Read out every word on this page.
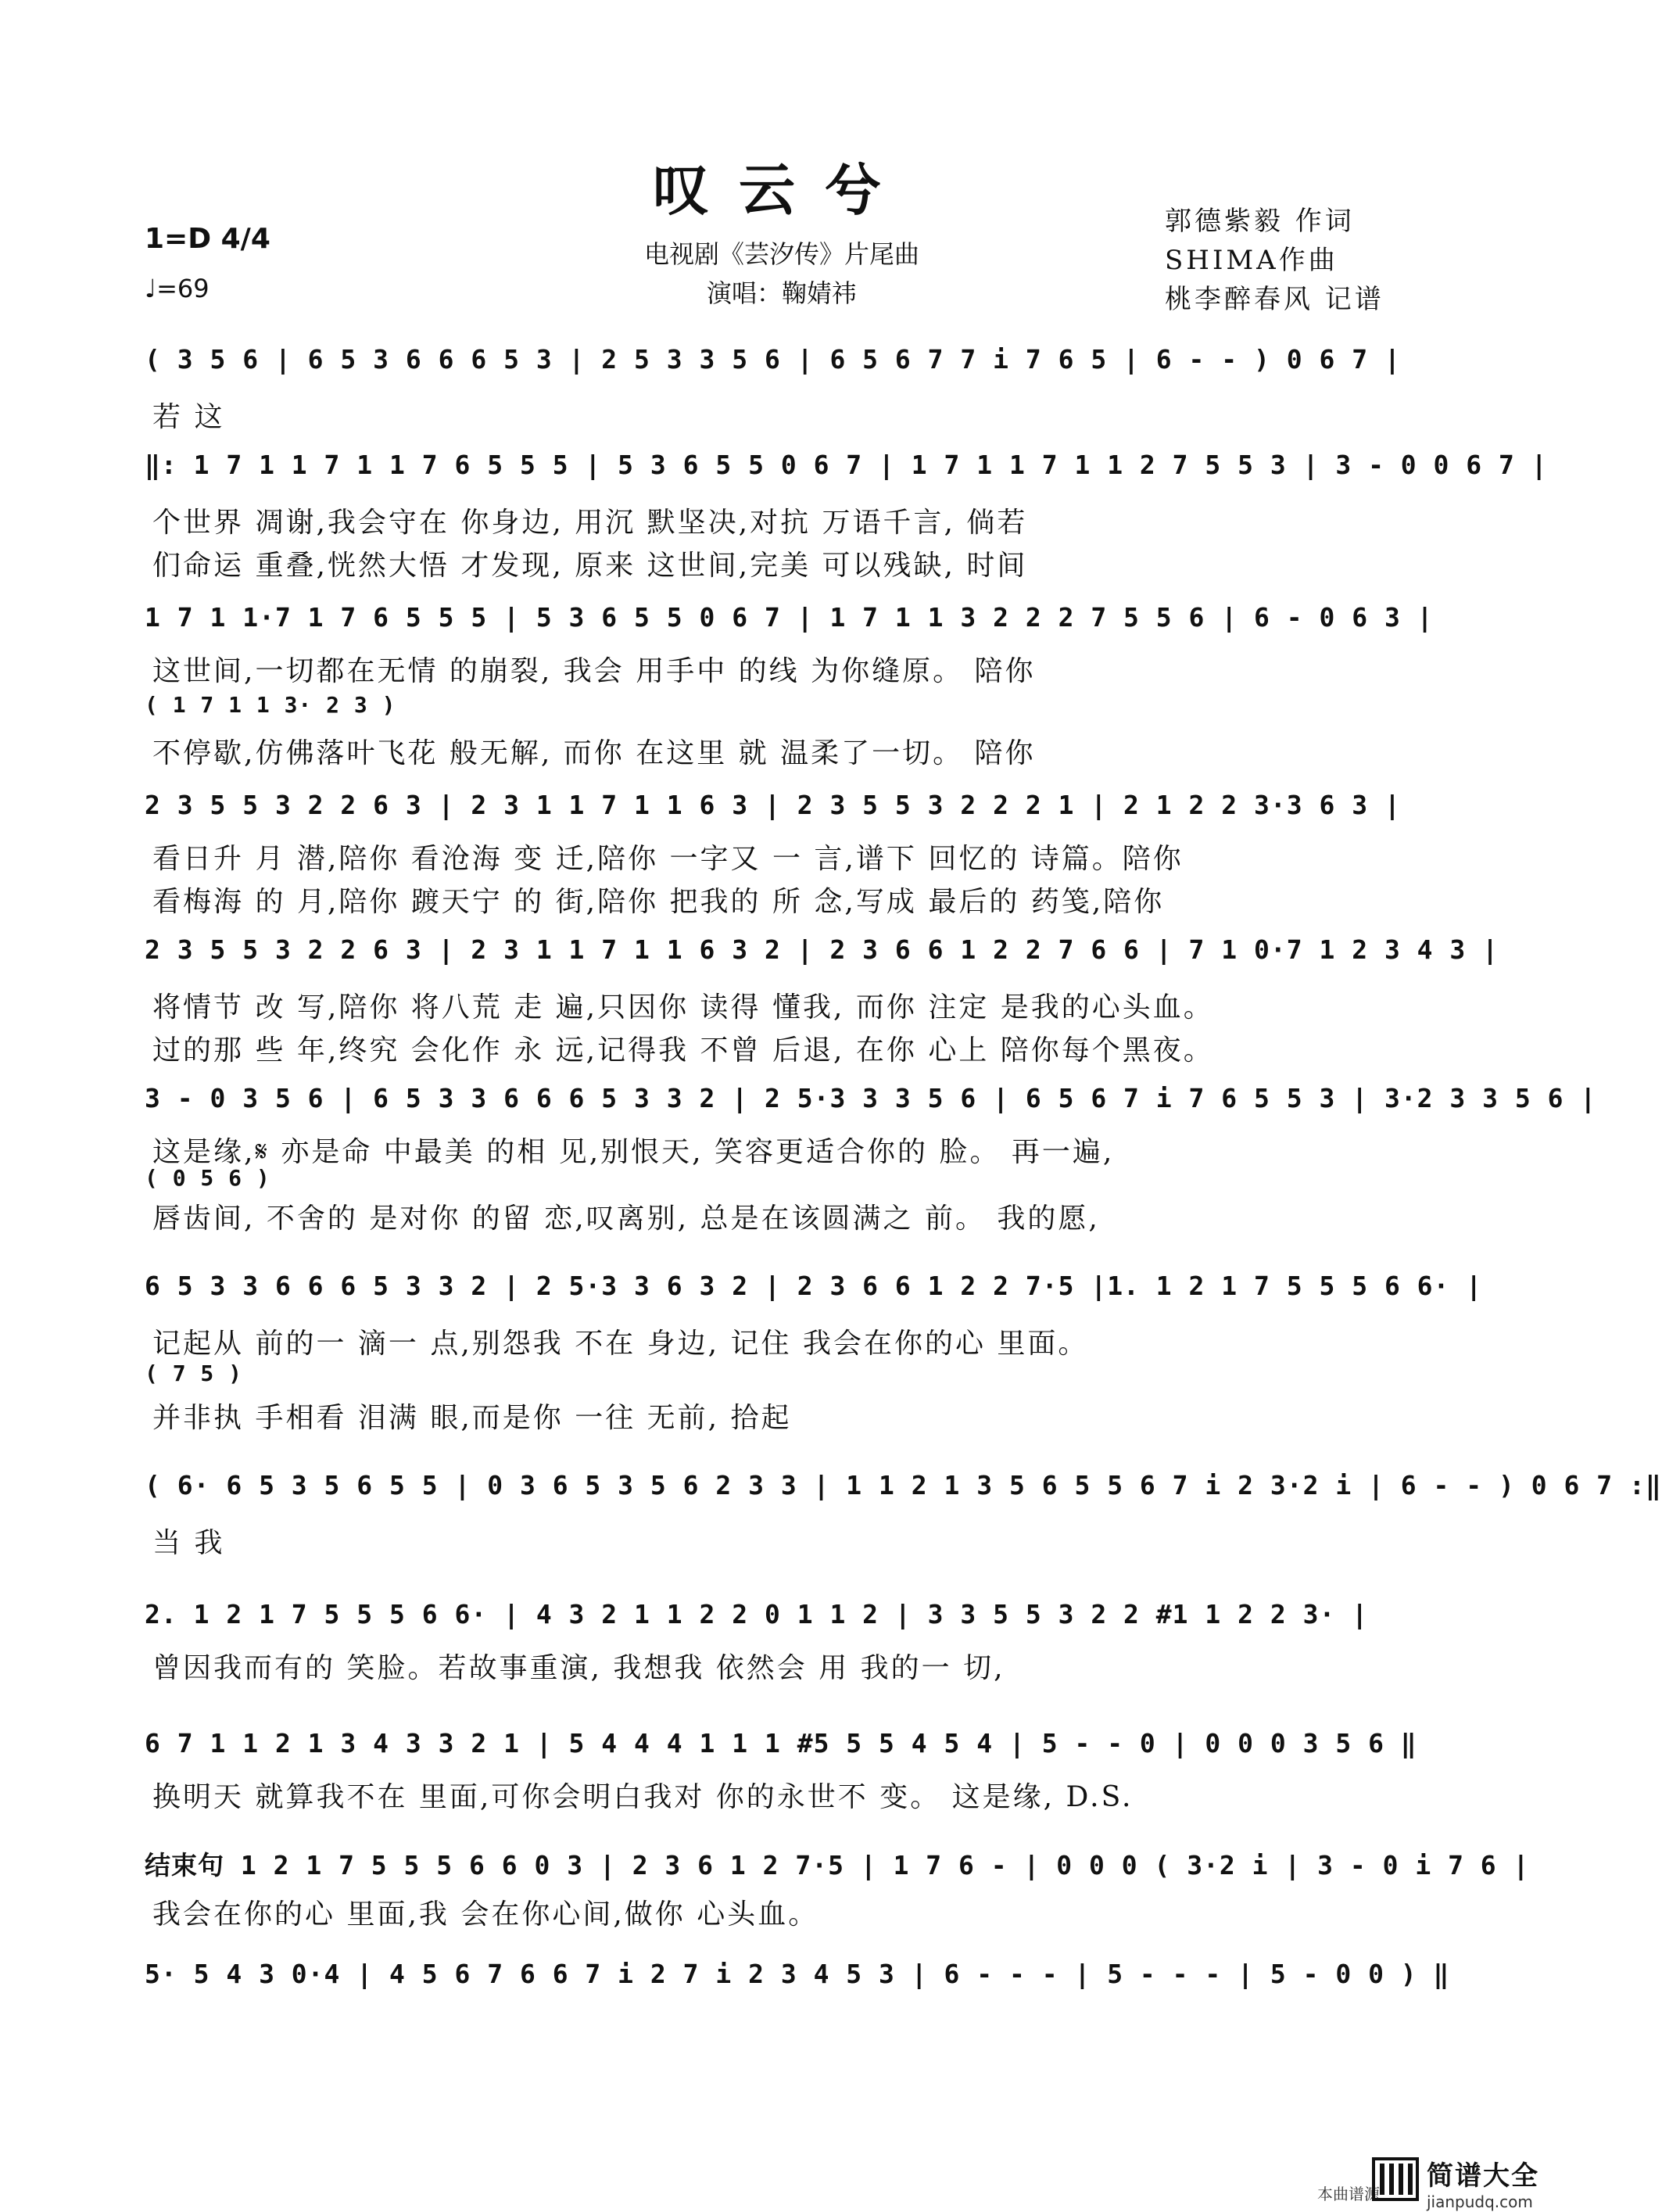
叹云兮
电视剧《芸汐传》片尾曲
演唱：鞠婧祎
1=D 4/4
♩=69
郭德紫毅 作词
SHIMA作曲
桃李醉春风 记谱
( 3 5 6 | 6 5 3 6 6 6 5 3 | 2 5 3 3 5 6 | 6 5 6 7 7 i 7 6 5 | 6 - - ) 0 6 7 |
若 这
‖: 1 7 1 1 7 1 1 7 6 5 5 5 | 5 3 6 5 5 0 6 7 | 1 7 1 1 7 1 1 2 7 5 5 3 | 3 - 0 0 6 7 |
个世界 凋谢,我会守在 你身边, 用沉 默坚决,对抗 万语千言, 倘若
们命运 重叠,恍然大悟 才发现, 原来 这世间,完美 可以残缺, 时间
1 7 1 1·7 1 7 6 5 5 5 | 5 3 6 5 5 0 6 7 | 1 7 1 1 3 2 2 2 7 5 5 6 | 6 - 0 6 3 |
这世间,一切都在无情 的崩裂, 我会 用手中 的线 为你缝原。 陪你
( 1 7 1 1 3· 2 3 )
不停歇,仿佛落叶飞花 般无解, 而你 在这里 就 温柔了一切。 陪你
2 3 5 5 3 2 2 6 3 | 2 3 1 1 7 1 1 6 3 | 2 3 5 5 3 2 2 2 1 | 2 1 2 2 3·3 6 3 |
看日升 月 潜,陪你 看沧海 变 迁,陪你 一字又 一 言,谱下 回忆的 诗篇。陪你
看梅海 的 月,陪你 踱天宁 的 街,陪你 把我的 所 念,写成 最后的 药笺,陪你
2 3 5 5 3 2 2 6 3 | 2 3 1 1 7 1 1 6 3 2 | 2 3 6 6 1 2 2 7 6 6 | 7 1 0·7 1 2 3 4 3 |
将情节 改 写,陪你 将八荒 走 遍,只因你 读得 懂我, 而你 注定 是我的心头血。
过的那 些 年,终究 会化作 永 远,记得我 不曾 后退, 在你 心上 陪你每个黑夜。
3 - 0 3 5 6 | 6 5 3 3 6 6 6 5 3 3 2 | 2 5·3 3 3 5 6 | 6 5 6 7 i 7 6 5 5 3 | 3·2 3 3 5 6 |
这是缘,𝄋 亦是命 中最美 的相 见,别恨天, 笑容更适合你的 脸。 再一遍,
( 0 5 6 )
唇齿间, 不舍的 是对你 的留 恋,叹离别, 总是在该圆满之 前。 我的愿,
6 5 3 3 6 6 6 5 3 3 2 | 2 5·3 3 6 3 2 | 2 3 6 6 1 2 2 7·5 |1. 1 2 1 7 5 5 5 6 6· |
记起从 前的一 滴一 点,别怨我 不在 身边, 记住 我会在你的心 里面。
( 7 5 )
并非执 手相看 泪满 眼,而是你 一往 无前, 拾起
( 6· 6 5 3 5 6 5 5 | 0 3 6 5 3 5 6 2 3 3 | 1 1 2 1 3 5 6 5 5 6 7 i 2 3·2 i | 6 - - ) 0 6 7 :‖
当 我
2. 1 2 1 7 5 5 5 6 6· | 4 3 2 1 1 2 2 0 1 1 2 | 3 3 5 5 3 2 2 #1 1 2 2 3· |
曾因我而有的 笑脸。若故事重演, 我想我 依然会 用 我的一 切,
6 7 1 1 2 1 3 4 3 3 2 1 | 5 4 4 4 1 1 1 #5 5 5 4 5 4 | 5 - - 0 | 0 0 0 3 5 6 ‖
换明天 就算我不在 里面,可你会明白我对 你的永世不 变。 这是缘, D.S.
结束句 1 2 1 7 5 5 5 6 6 0 3 | 2 3 6 1 2 7·5 | 1 7 6 - | 0 0 0 ( 3·2 i | 3 - 0 i 7 6 |
我会在你的心 里面,我 会在你心间,做你 心头血。
5· 5 4 3 0·4 | 4 5 6 7 6 6 7 i 2 7 i 2 3 4 5 3 | 6 - - - | 5 - - - | 5 - 0 0 ) ‖
本曲谱源
简谱大全
jianpudq.com
